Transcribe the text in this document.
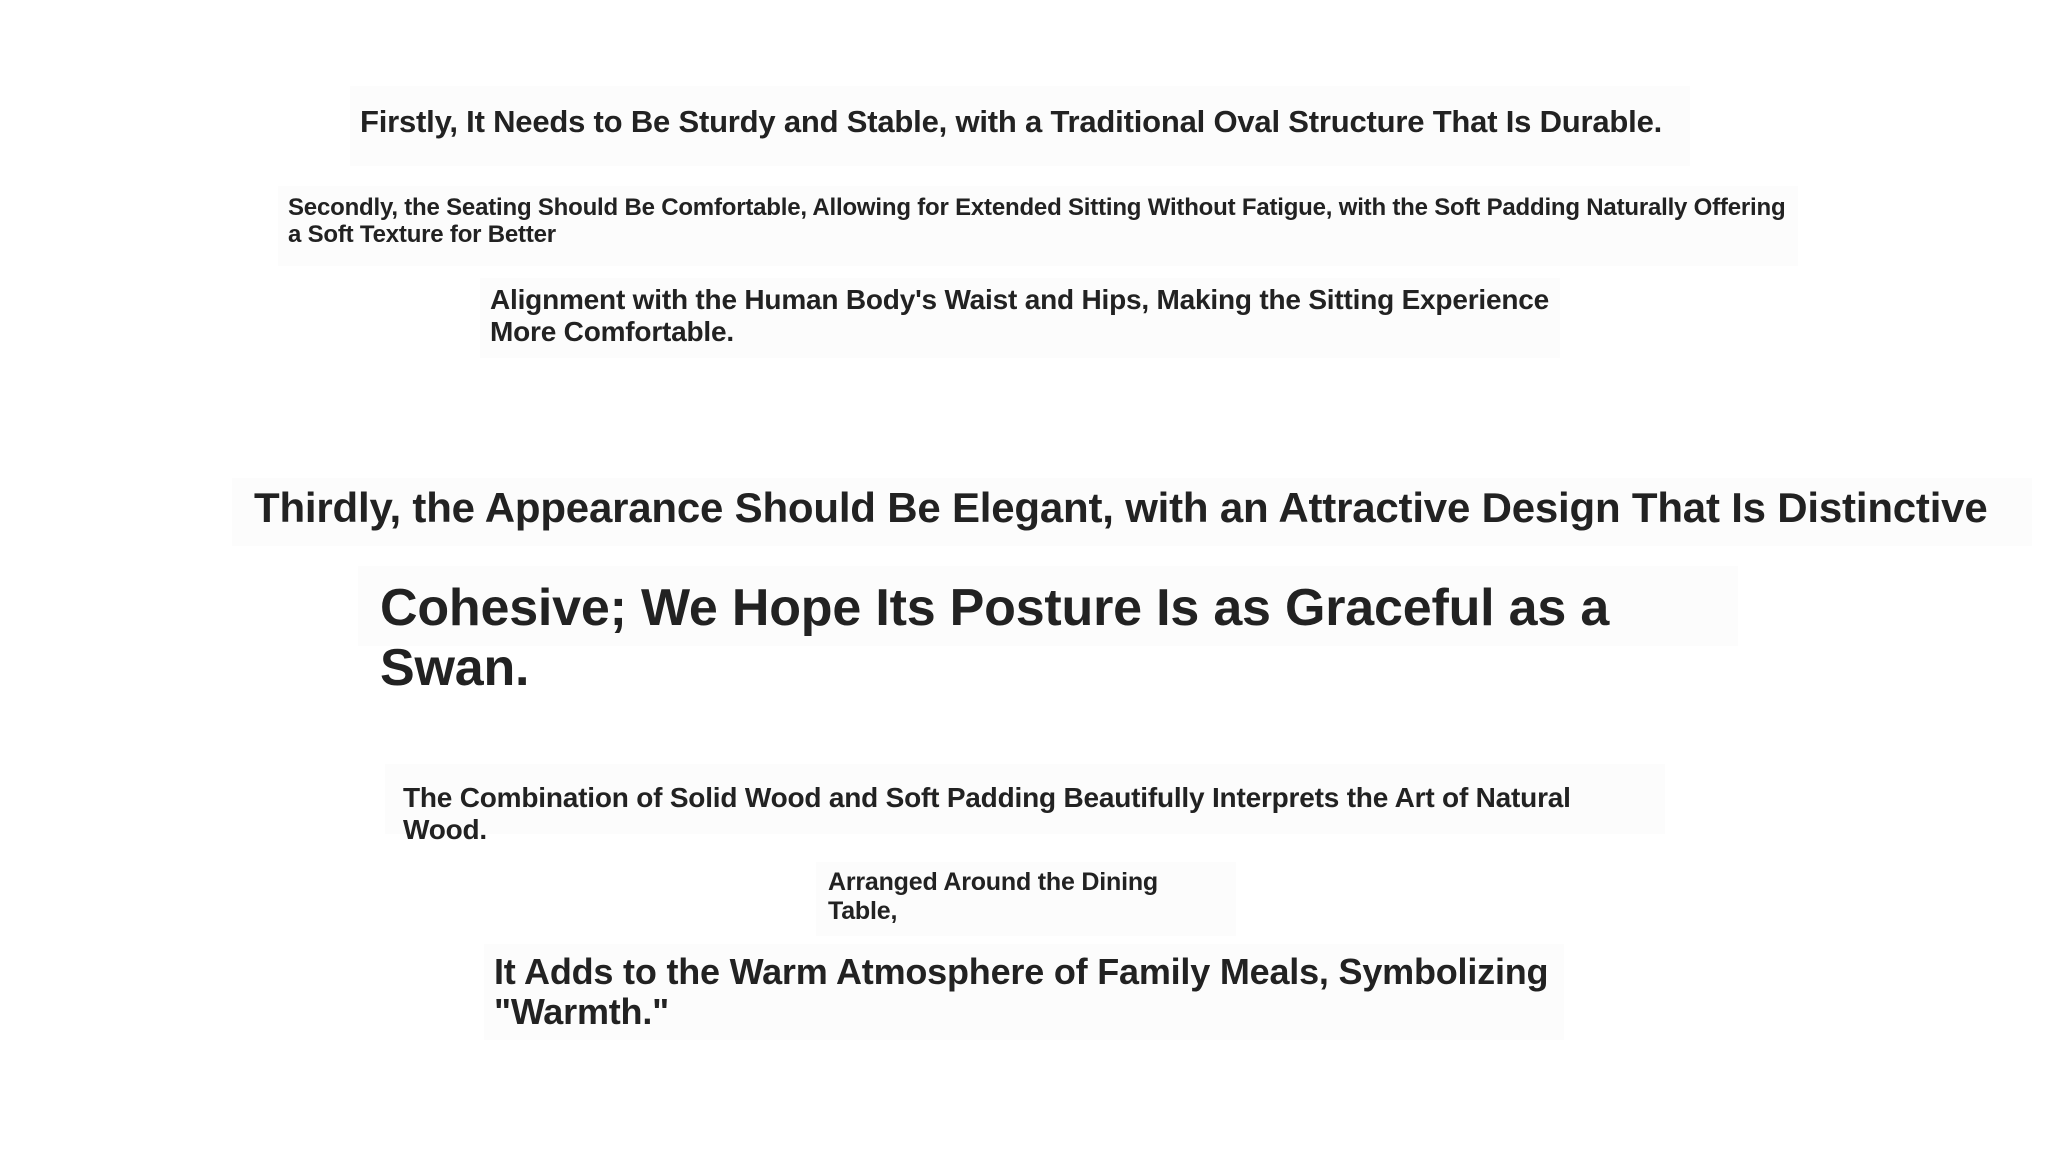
Firstly, It Needs to Be Sturdy and Stable, with a Traditional Oval Structure That Is Durable.
Secondly, the Seating Should Be Comfortable, Allowing for Extended Sitting Without Fatigue, with the Soft Padding Naturally Offering a Soft Texture for Better
Alignment with the Human Body's Waist and Hips, Making the Sitting Experience More Comfortable.
Thirdly, the Appearance Should Be Elegant, with an Attractive Design That Is Distinctive
Cohesive; We Hope Its Posture Is as Graceful as a Swan.
The Combination of Solid Wood and Soft Padding Beautifully Interprets the Art of Natural Wood.
Arranged Around the Dining Table,
It Adds to the Warm Atmosphere of Family Meals, Symbolizing "Warmth."
